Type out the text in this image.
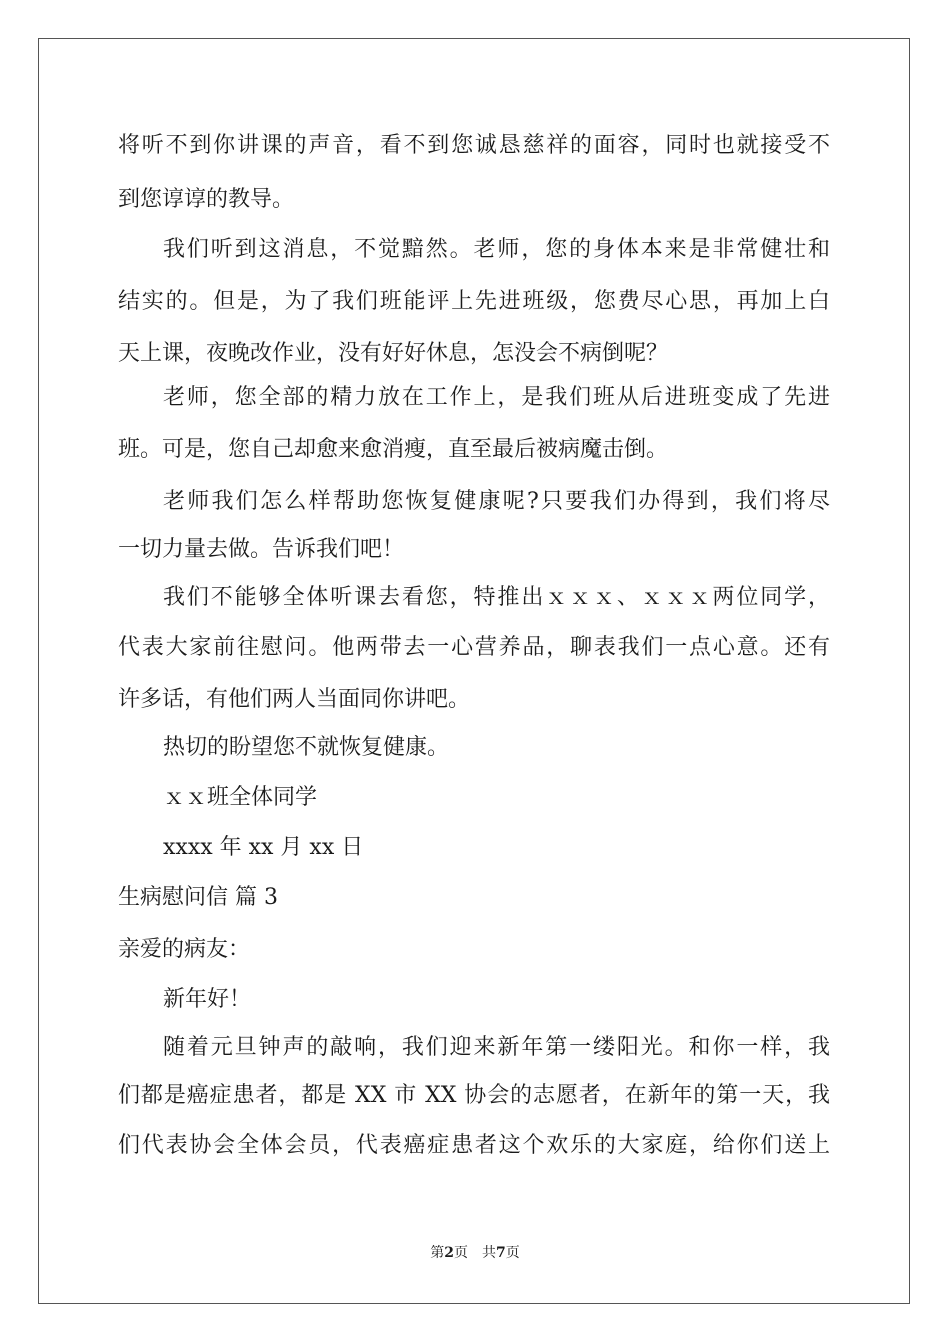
将听不到你讲课的声音，看不到您诚恳慈祥的面容，同时也就接受不
到您谆谆的教导。
我们听到这消息，不觉黯然。老师，您的身体本来是非常健壮和
结实的。但是，为了我们班能评上先进班级，您费尽心思，再加上白
天上课，夜晚改作业，没有好好休息，怎没会不病倒呢？
老师，您全部的精力放在工作上，是我们班从后进班变成了先进
班。可是，您自己却愈来愈消瘦，直至最后被病魔击倒。
老师我们怎么样帮助您恢复健康呢?只要我们办得到，我们将尽
一切力量去做。告诉我们吧！
我们不能够全体听课去看您，特推出ｘｘｘ、ｘｘｘ两位同学，
代表大家前往慰问。他两带去一心营养品，聊表我们一点心意。还有
许多话，有他们两人当面同你讲吧。
热切的盼望您不就恢复健康。
ｘｘ班全体同学
xxxx 年 xx 月 xx 日
生病慰问信 篇 3
亲爱的病友：
新年好！
随着元旦钟声的敲响，我们迎来新年第一缕阳光。和你一样，我
们都是癌症患者，都是 XX 市 XX 协会的志愿者，在新年的第一天，我
们代表协会全体会员，代表癌症患者这个欢乐的大家庭，给你们送上
第2页　共7页
